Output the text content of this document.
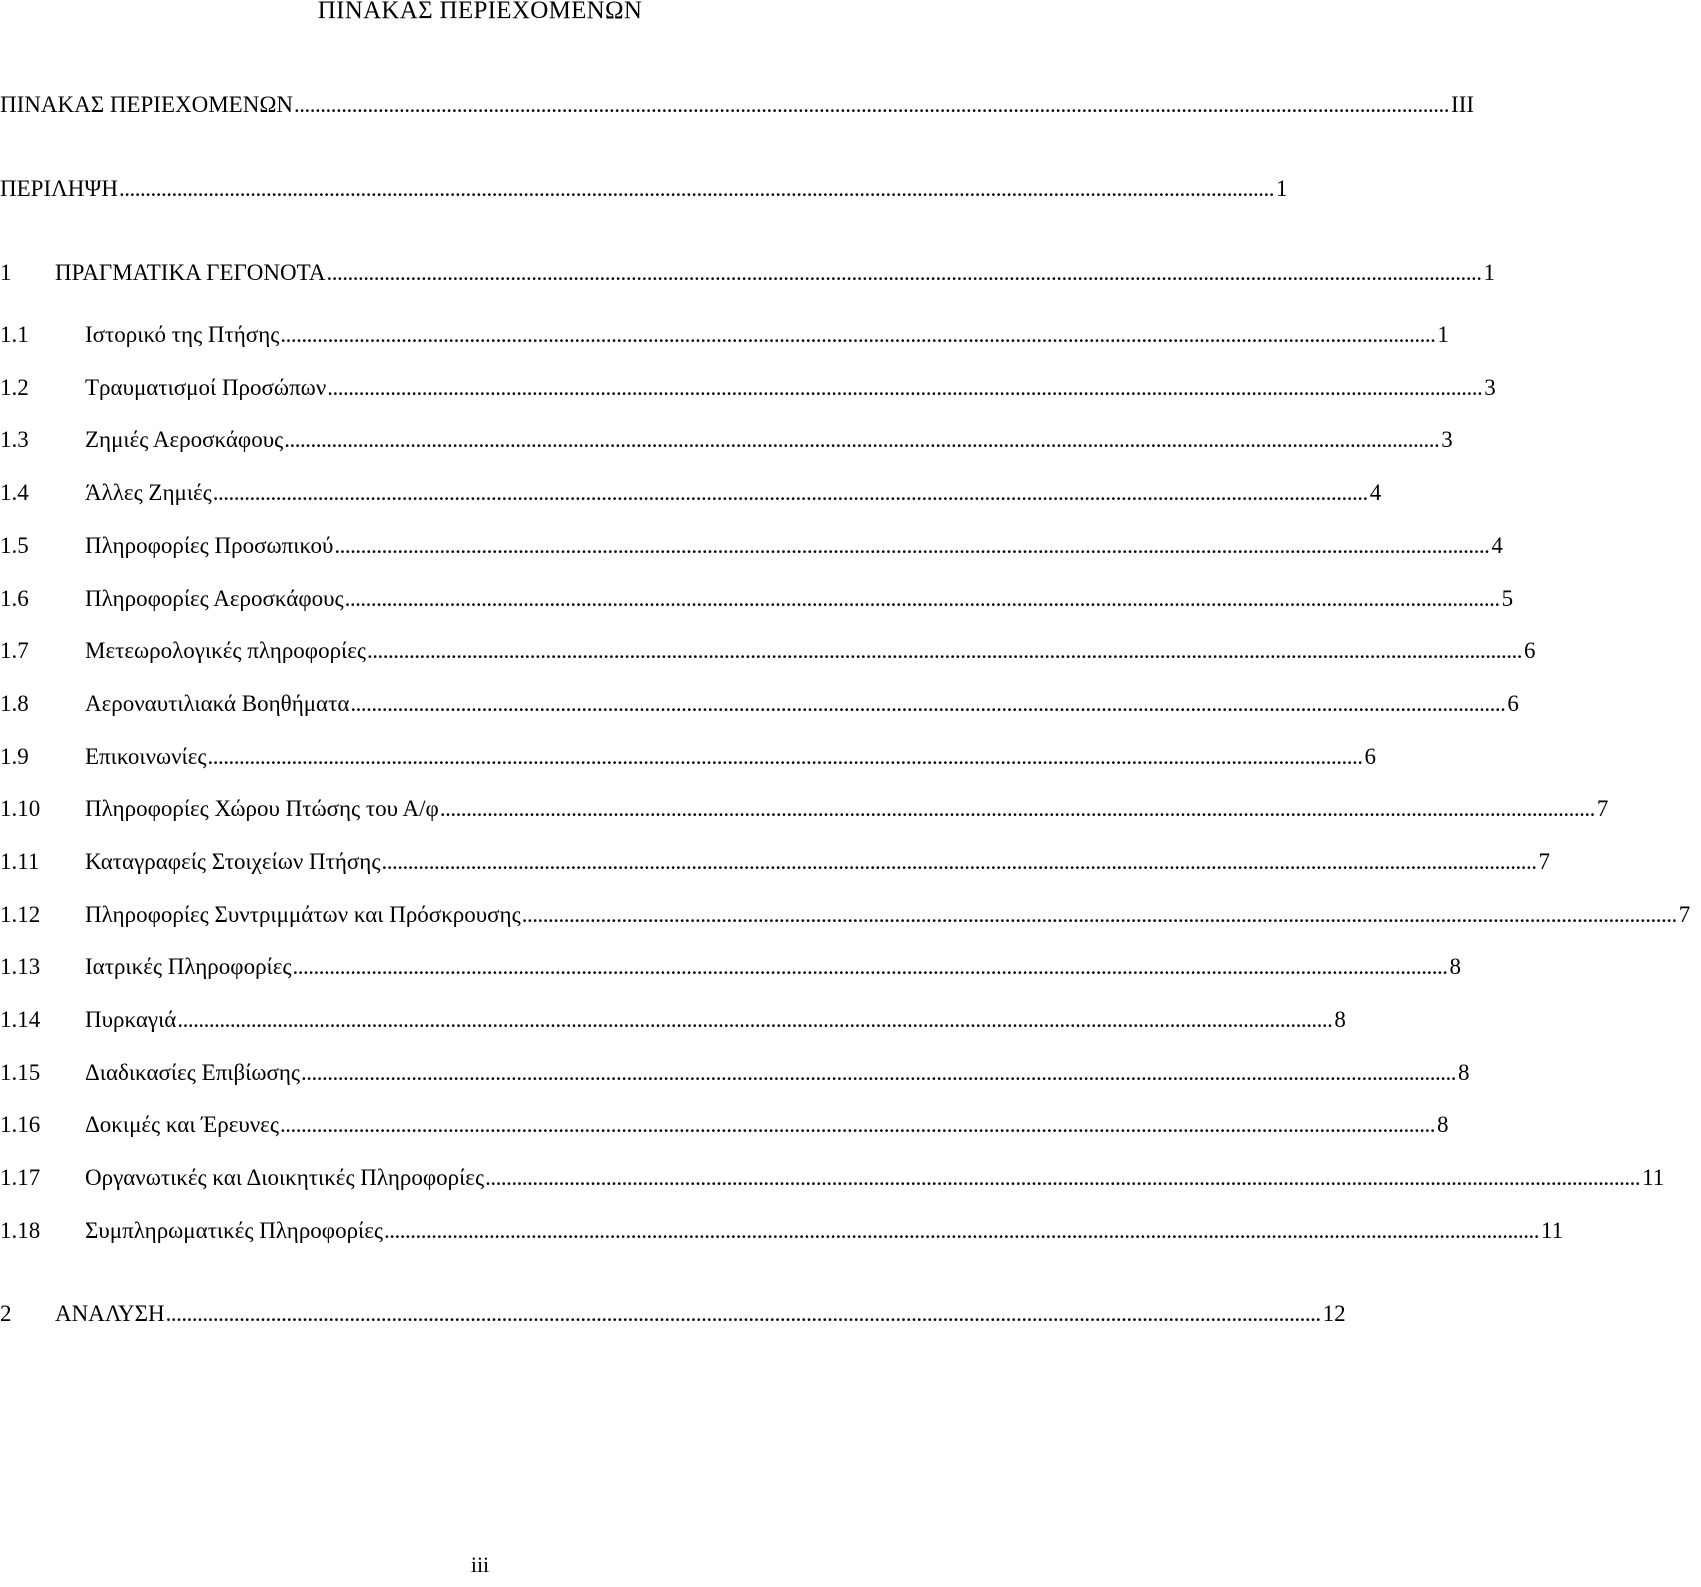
ΠΙΝΑΚΑΣ ΠΕΡΙΕΧΟΜΕΝΩΝ
ΠΙΝΑΚΑΣ ΠΕΡΙΕΧΟΜΕΝΩΝ ............................................................................................................................................................................................................................ III
ΠΕΡΙΛΗΨΗ ............................................................................................................................................................................................................................ 1
1	ΠΡΑΓΜΑΤΙΚΑ ΓΕΓΟΝΟΤΑ ............................................................................................................................................................................................................................ 1
1.1	Ιστορικό της Πτήσης ............................................................................................................................................................................................................................ 1
1.2	Τραυματισμοί Προσώπων ............................................................................................................................................................................................................................ 3
1.3	Ζημιές Αεροσκάφους ............................................................................................................................................................................................................................ 3
1.4	Άλλες Ζημιές ............................................................................................................................................................................................................................ 4
1.5	Πληροφορίες Προσωπικού ............................................................................................................................................................................................................................ 4
1.6	Πληροφορίες Αεροσκάφους ............................................................................................................................................................................................................................ 5
1.7	Μετεωρολογικές πληροφορίες ............................................................................................................................................................................................................................ 6
1.8	Αεροναυτιλιακά Βοηθήματα ............................................................................................................................................................................................................................ 6
1.9	Επικοινωνίες ............................................................................................................................................................................................................................ 6
1.10	Πληροφορίες Χώρου Πτώσης του Α/φ ............................................................................................................................................................................................................................ 7
1.11	Καταγραφείς Στοιχείων Πτήσης ............................................................................................................................................................................................................................ 7
1.12	Πληροφορίες Συντριμμάτων και Πρόσκρουσης ............................................................................................................................................................................................................................ 7
1.13	Ιατρικές Πληροφορίες ............................................................................................................................................................................................................................ 8
1.14	Πυρκαγιά ............................................................................................................................................................................................................................ 8
1.15	Διαδικασίες Επιβίωσης ............................................................................................................................................................................................................................ 8
1.16	Δοκιμές και Έρευνες ............................................................................................................................................................................................................................ 8
1.17	Οργανωτικές και Διοικητικές Πληροφορίες ............................................................................................................................................................................................................................ 11
1.18	Συμπληρωματικές Πληροφορίες ............................................................................................................................................................................................................................ 11
2	ΑΝΑΛΥΣΗ ............................................................................................................................................................................................................................ 12
iii
